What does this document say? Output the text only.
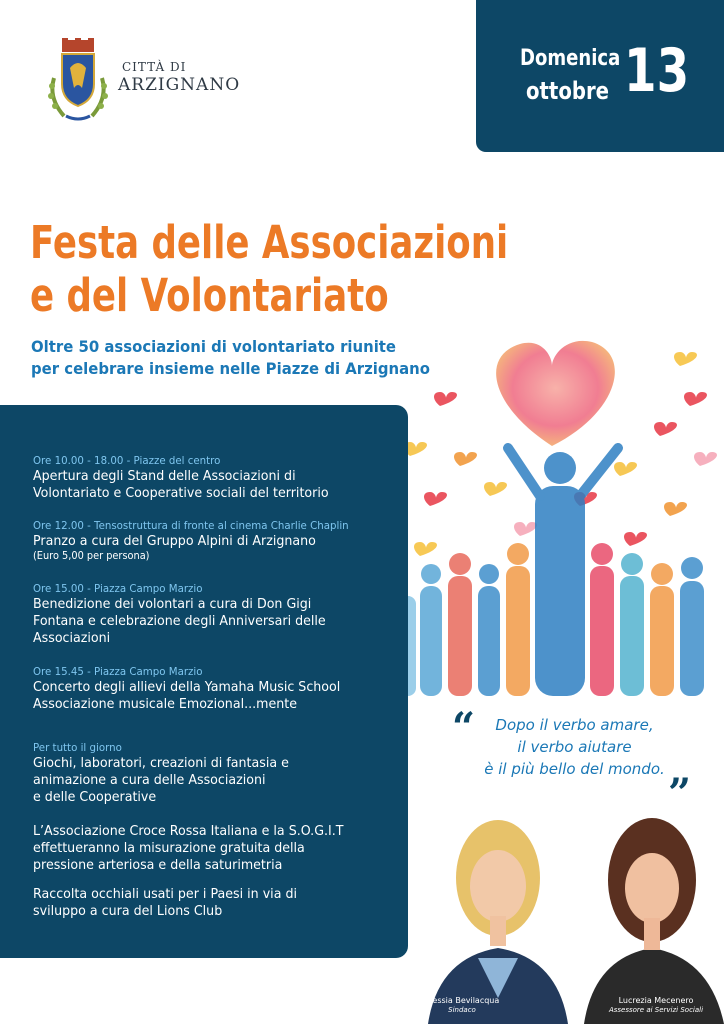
CITTÀ DI
ARZIGNANO
Domenica
ottobre 13
Festa delle Associazioni
e del Volontariato
Oltre 50 associazioni di volontariato riunite
per celebrare insieme nelle Piazze di Arzignano
“	Dopo il verbo amare,
il verbo aiutare
è il più bello del mondo.
”
Ore 10.00 - 18.00 - Piazze del centro
Apertura degli Stand delle Associazioni di
Volontariato e Cooperative sociali del territorio
Ore 12.00 - Tensostruttura di fronte al cinema Charlie Chaplin
Pranzo a cura del Gruppo Alpini di Arzignano
(Euro 5,00 per persona)
Ore 15.00 - Piazza Campo Marzio
Benedizione dei volontari a cura di Don Gigi
Fontana e celebrazione degli Anniversari delle
Associazioni
Ore 15.45 - Piazza Campo Marzio
Concerto degli allievi della Yamaha Music School
Associazione musicale Emozional...mente
Per tutto il giorno
Giochi, laboratori, creazioni di fantasia e
animazione a cura delle Associazioni
e delle Cooperative
L’Associazione Croce Rossa Italiana e la S.O.G.I.T
effettueranno la misurazione gratuita della
pressione arteriosa e della saturimetria
Raccolta occhiali usati per i Paesi in via di
sviluppo a cura del Lions Club
Alessia Bevilacqua
Sindaco
Lucrezia Mecenero
Assessore ai Servizi Sociali
